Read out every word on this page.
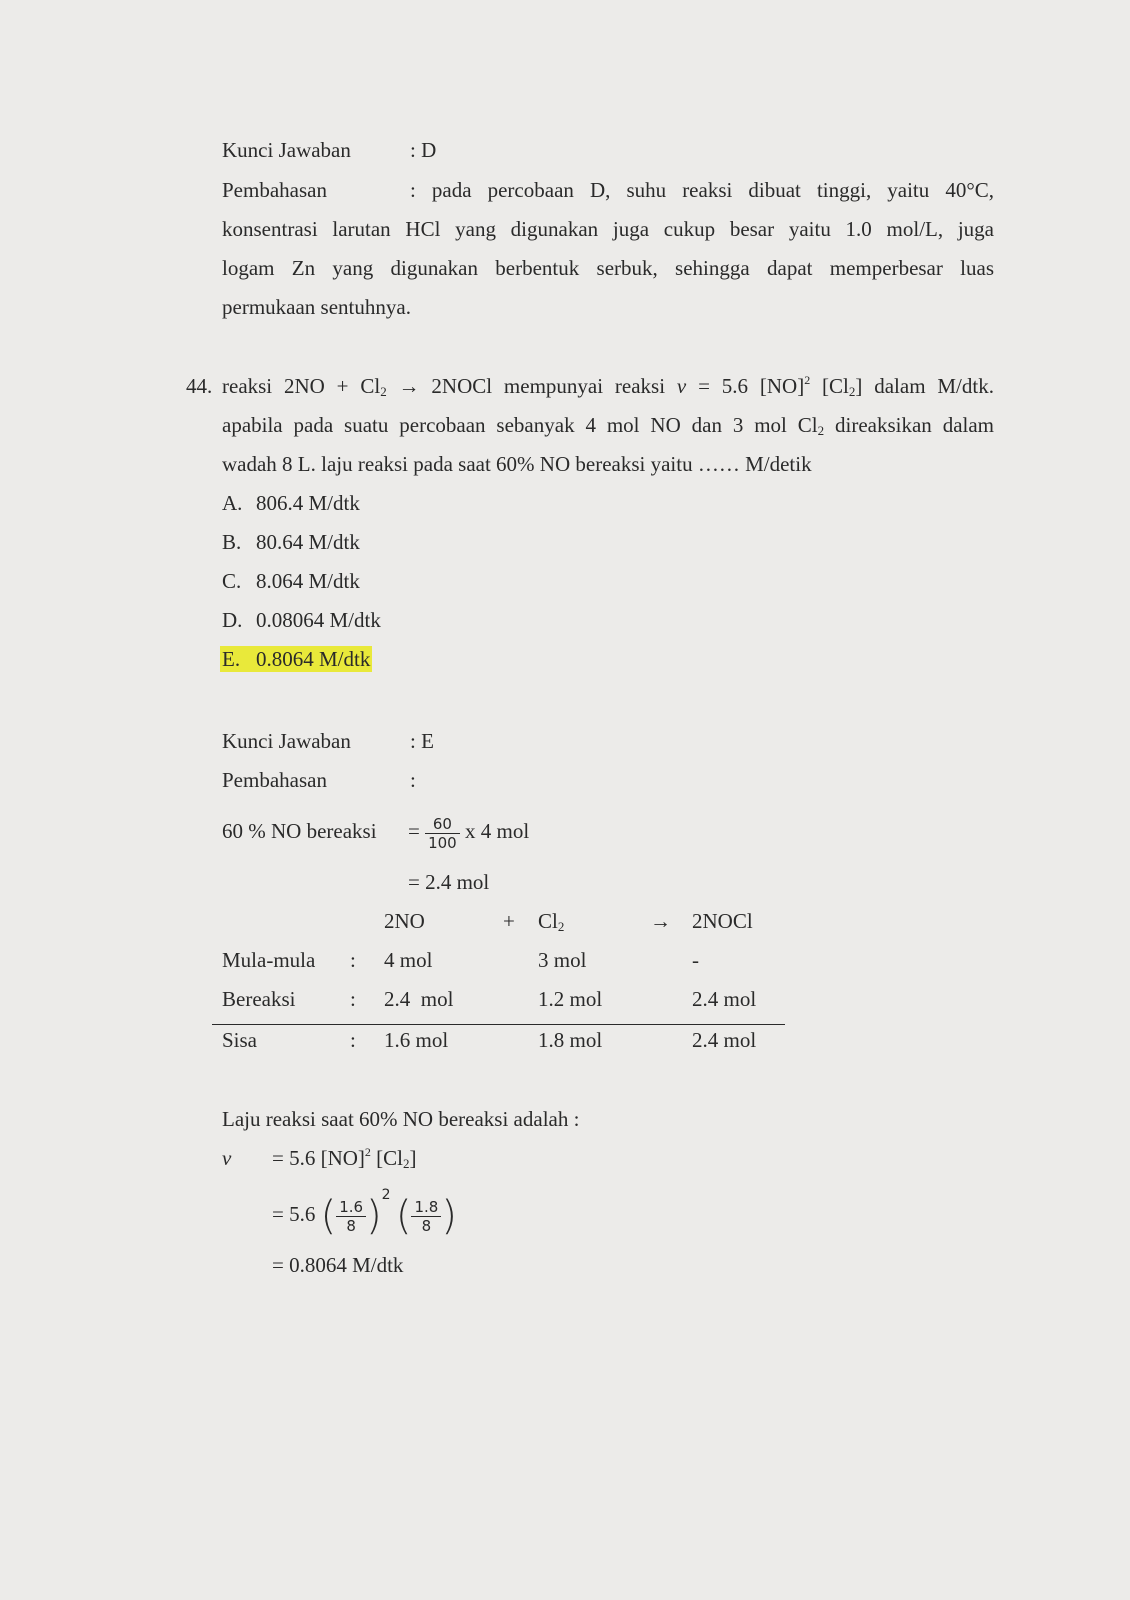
Kunci Jawaban	: D
Pembahasan	: pada percobaan D, suhu reaksi dibuat tinggi, yaitu 40°C,
konsentrasi larutan HCl yang digunakan juga cukup besar yaitu 1.0 mol/L, juga
logam Zn yang digunakan berbentuk serbuk, sehingga dapat memperbesar luas
permukaan sentuhnya.
44. reaksi $2NO + Cl_2$ → 2NOCl mempunyai reaksi v = 5.6 [NO]$^2$ $[Cl_2]$ dalam M/dtk.
apabila pada suatu percobaan sebanyak 4 mol NO dan 3 mol $Cl_2$ direaksikan dalam
wadah 8 L. laju reaksi pada saat 60% NO bereaksi yaitu …… M/detik
A. 806.4 M/dtk
B. 80.64 M/dtk
C. 8.064 M/dtk
D. 0.08064 M/dtk
E. 0.8064 M/dtk
Kunci Jawaban	: E
Pembahasan	:
60 % NO bereaksi = $\frac{60}{100}$ x 4 mol
= 2.4 mol
2NO	+ $Cl_2$	→ 2NOCl
Mula-mula : 4 mol	3 mol	-
Bereaksi	: 2.4  mol	1.2 mol	2.4 mol
Sisa	: 1.6 mol	1.8 mol	2.4 mol
Laju reaksi saat 60% NO bereaksi adalah :
v = 5.6 [NO]$^2$ $[Cl_2]$
= 5.6 ( $\frac{1.6}{8} )^2$ ( $\frac{1.8}{8}$ )
= 0.8064 M/dtk
